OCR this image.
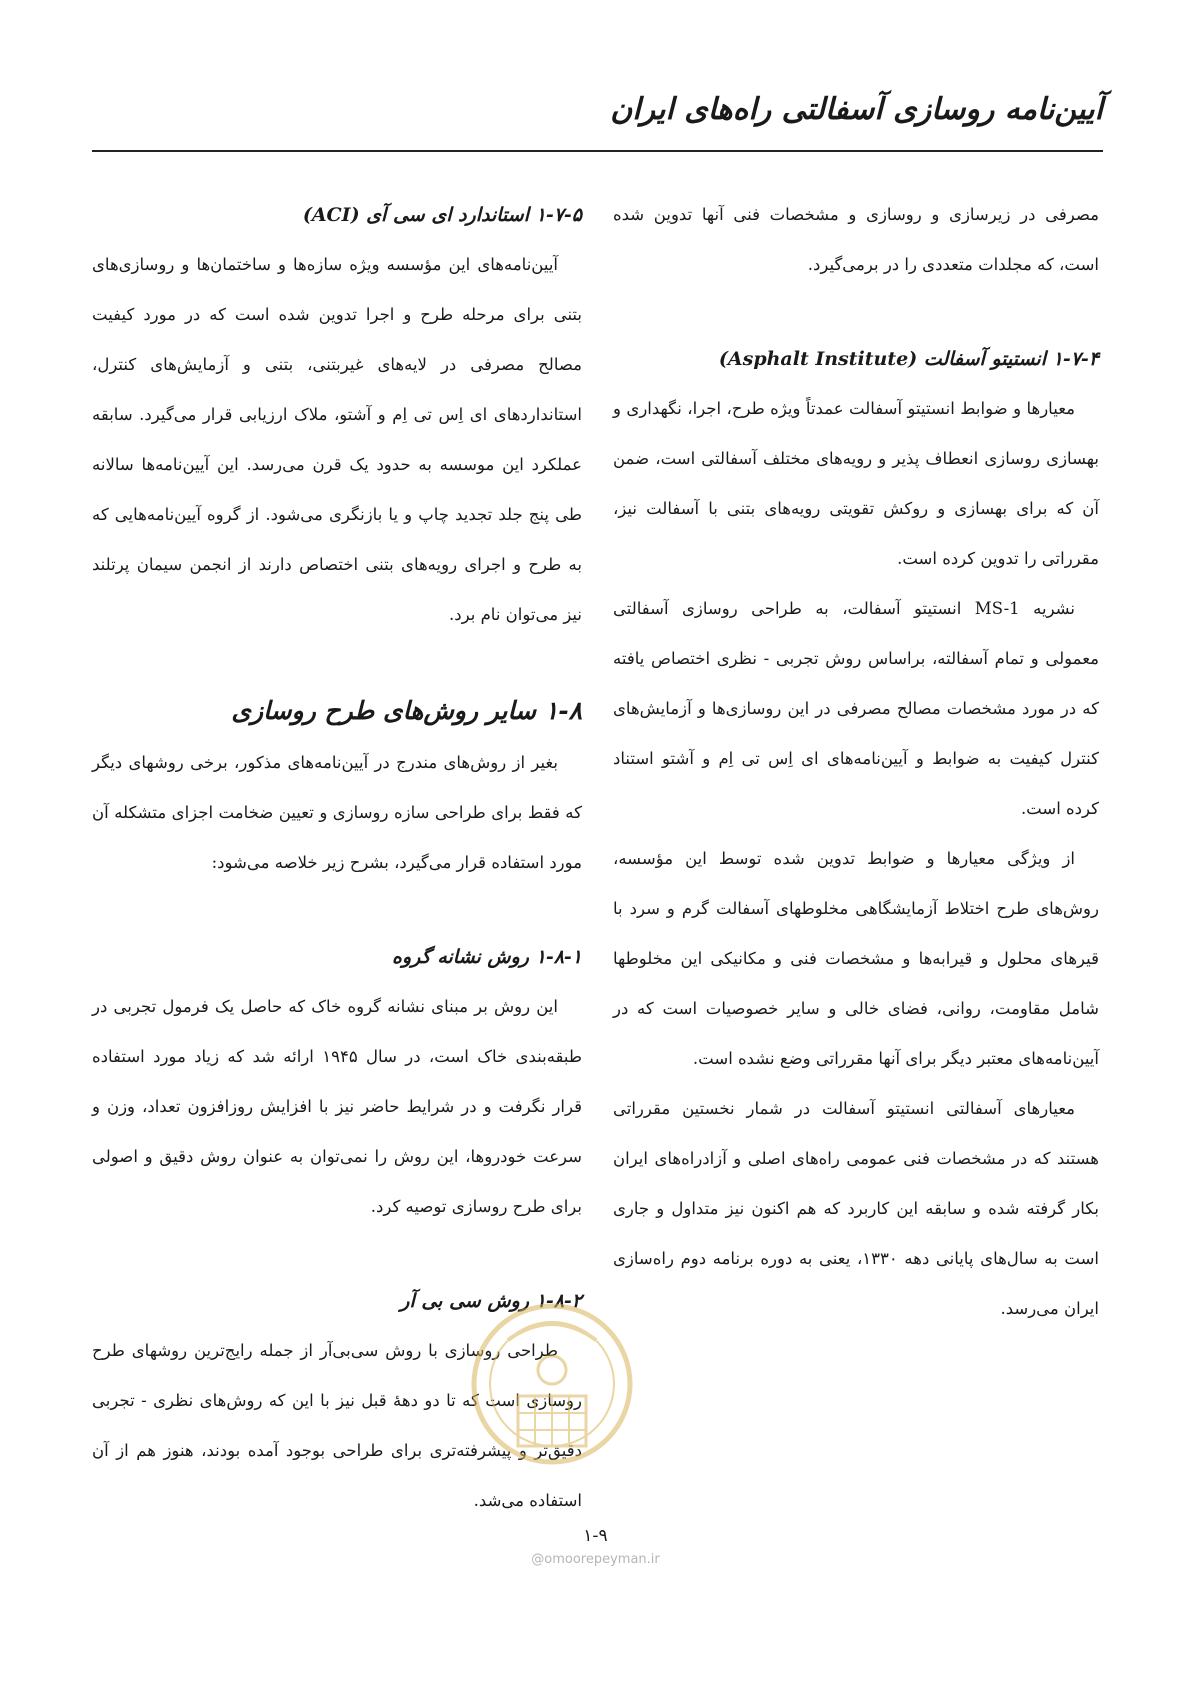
آیین‌نامه روسازی آسفالتی راه‌های ایران

مصرفی در زیرسازی و روسازی و مشخصات فنی آنها تدوین شده است، که مجلدات متعددی را در برمی‌گیرد.

۱-۷-۴ انستیتو آسفالت (Asphalt Institute)

معیارها و ضوابط انستیتو آسفالت عمدتاً ویژه طرح، اجرا، نگهداری و بهسازی روسازی انعطاف پذیر و رویه‌های مختلف آسفالتی است، ضمن آن که برای بهسازی و روکش تقویتی رویه‌های بتنی با آسفالت نیز، مقرراتی را تدوین کرده است.

نشریه MS-1 انستیتو آسفالت، به طراحی روسازی آسفالتی معمولی و تمام آسفالته، براساس روش تجربی - نظری اختصاص یافته که در مورد مشخصات مصالح مصرفی در این روسازی‌ها و آزمایش‌های کنترل کیفیت به ضوابط و آیین‌نامه‌های ای اِس تی اِم و آشتو استناد کرده است.

از ویژگی معیارها و ضوابط تدوین شده توسط این مؤسسه، روش‌های طرح اختلاط آزمایشگاهی مخلوطهای آسفالت گرم و سرد با قیرهای محلول و قیرابه‌ها و مشخصات فنی و مکانیکی این مخلوطها شامل مقاومت، روانی، فضای خالی و سایر خصوصیات است که در آیین‌نامه‌های معتبر دیگر برای آنها مقرراتی وضع نشده است.

معیارهای آسفالتی انستیتو آسفالت در شمار نخستین مقرراتی هستند که در مشخصات فنی عمومی راه‌های اصلی و آزادراه‌های ایران بکار گرفته شده و سابقه این کاربرد که هم اکنون نیز متداول و جاری است به سال‌های پایانی دهه ۱۳۳۰، یعنی به دوره برنامه دوم راه‌سازی ایران می‌رسد.

۱-۷-۵ استاندارد ای سی آی (ACI)

آیین‌نامه‌های این مؤسسه ویژه سازه‌ها و ساختمان‌ها و روسازی‌های بتنی برای مرحله طرح و اجرا تدوین شده است که در مورد کیفیت مصالح مصرفی در لایه‌های غیربتنی، بتنی و آزمایش‌های کنترل، استانداردهای ای اِس تی اِم و آشتو، ملاک ارزیابی قرار می‌گیرد. سابقه عملکرد این موسسه به حدود یک قرن می‌رسد. این آیین‌نامه‌ها سالانه طی پنج جلد تجدید چاپ و یا بازنگری می‌شود. از گروه آیین‌نامه‌هایی که به طرح و اجرای رویه‌های بتنی اختصاص دارند از انجمن سیمان پرتلند نیز می‌توان نام برد.

۱-۸ سایر روش‌های طرح روسازی

بغیر از روش‌های مندرج در آیین‌نامه‌های مذکور، برخی روشهای دیگر که فقط برای طراحی سازه روسازی و تعیین ضخامت اجزای متشکله آن مورد استفاده قرار می‌گیرد، بشرح زیر خلاصه می‌شود:

۱-۸-۱ روش نشانه گروه

این روش بر مبنای نشانه گروه خاک که حاصل یک فرمول تجربی در طبقه‌بندی خاک است، در سال ۱۹۴۵ ارائه شد که زیاد مورد استفاده قرار نگرفت و در شرایط حاضر نیز با افزایش روزافزون تعداد، وزن و سرعت خودروها، این روش را نمی‌توان به عنوان روش دقیق و اصولی برای طرح روسازی توصیه کرد.

۱-۸-۲ روش سی بی آر

طراحی روسازی با روش سی‌بی‌آر از جمله رایج‌ترین روشهای طرح روسازی است که تا دو دههٔ قبل نیز با این که روش‌های نظری - تجربی دقیق‌تر و پیشرفته‌تری برای طراحی بوجود آمده بودند، هنوز هم از آن استفاده می‌شد.

۱-۹
@omoorepeyman.ir
